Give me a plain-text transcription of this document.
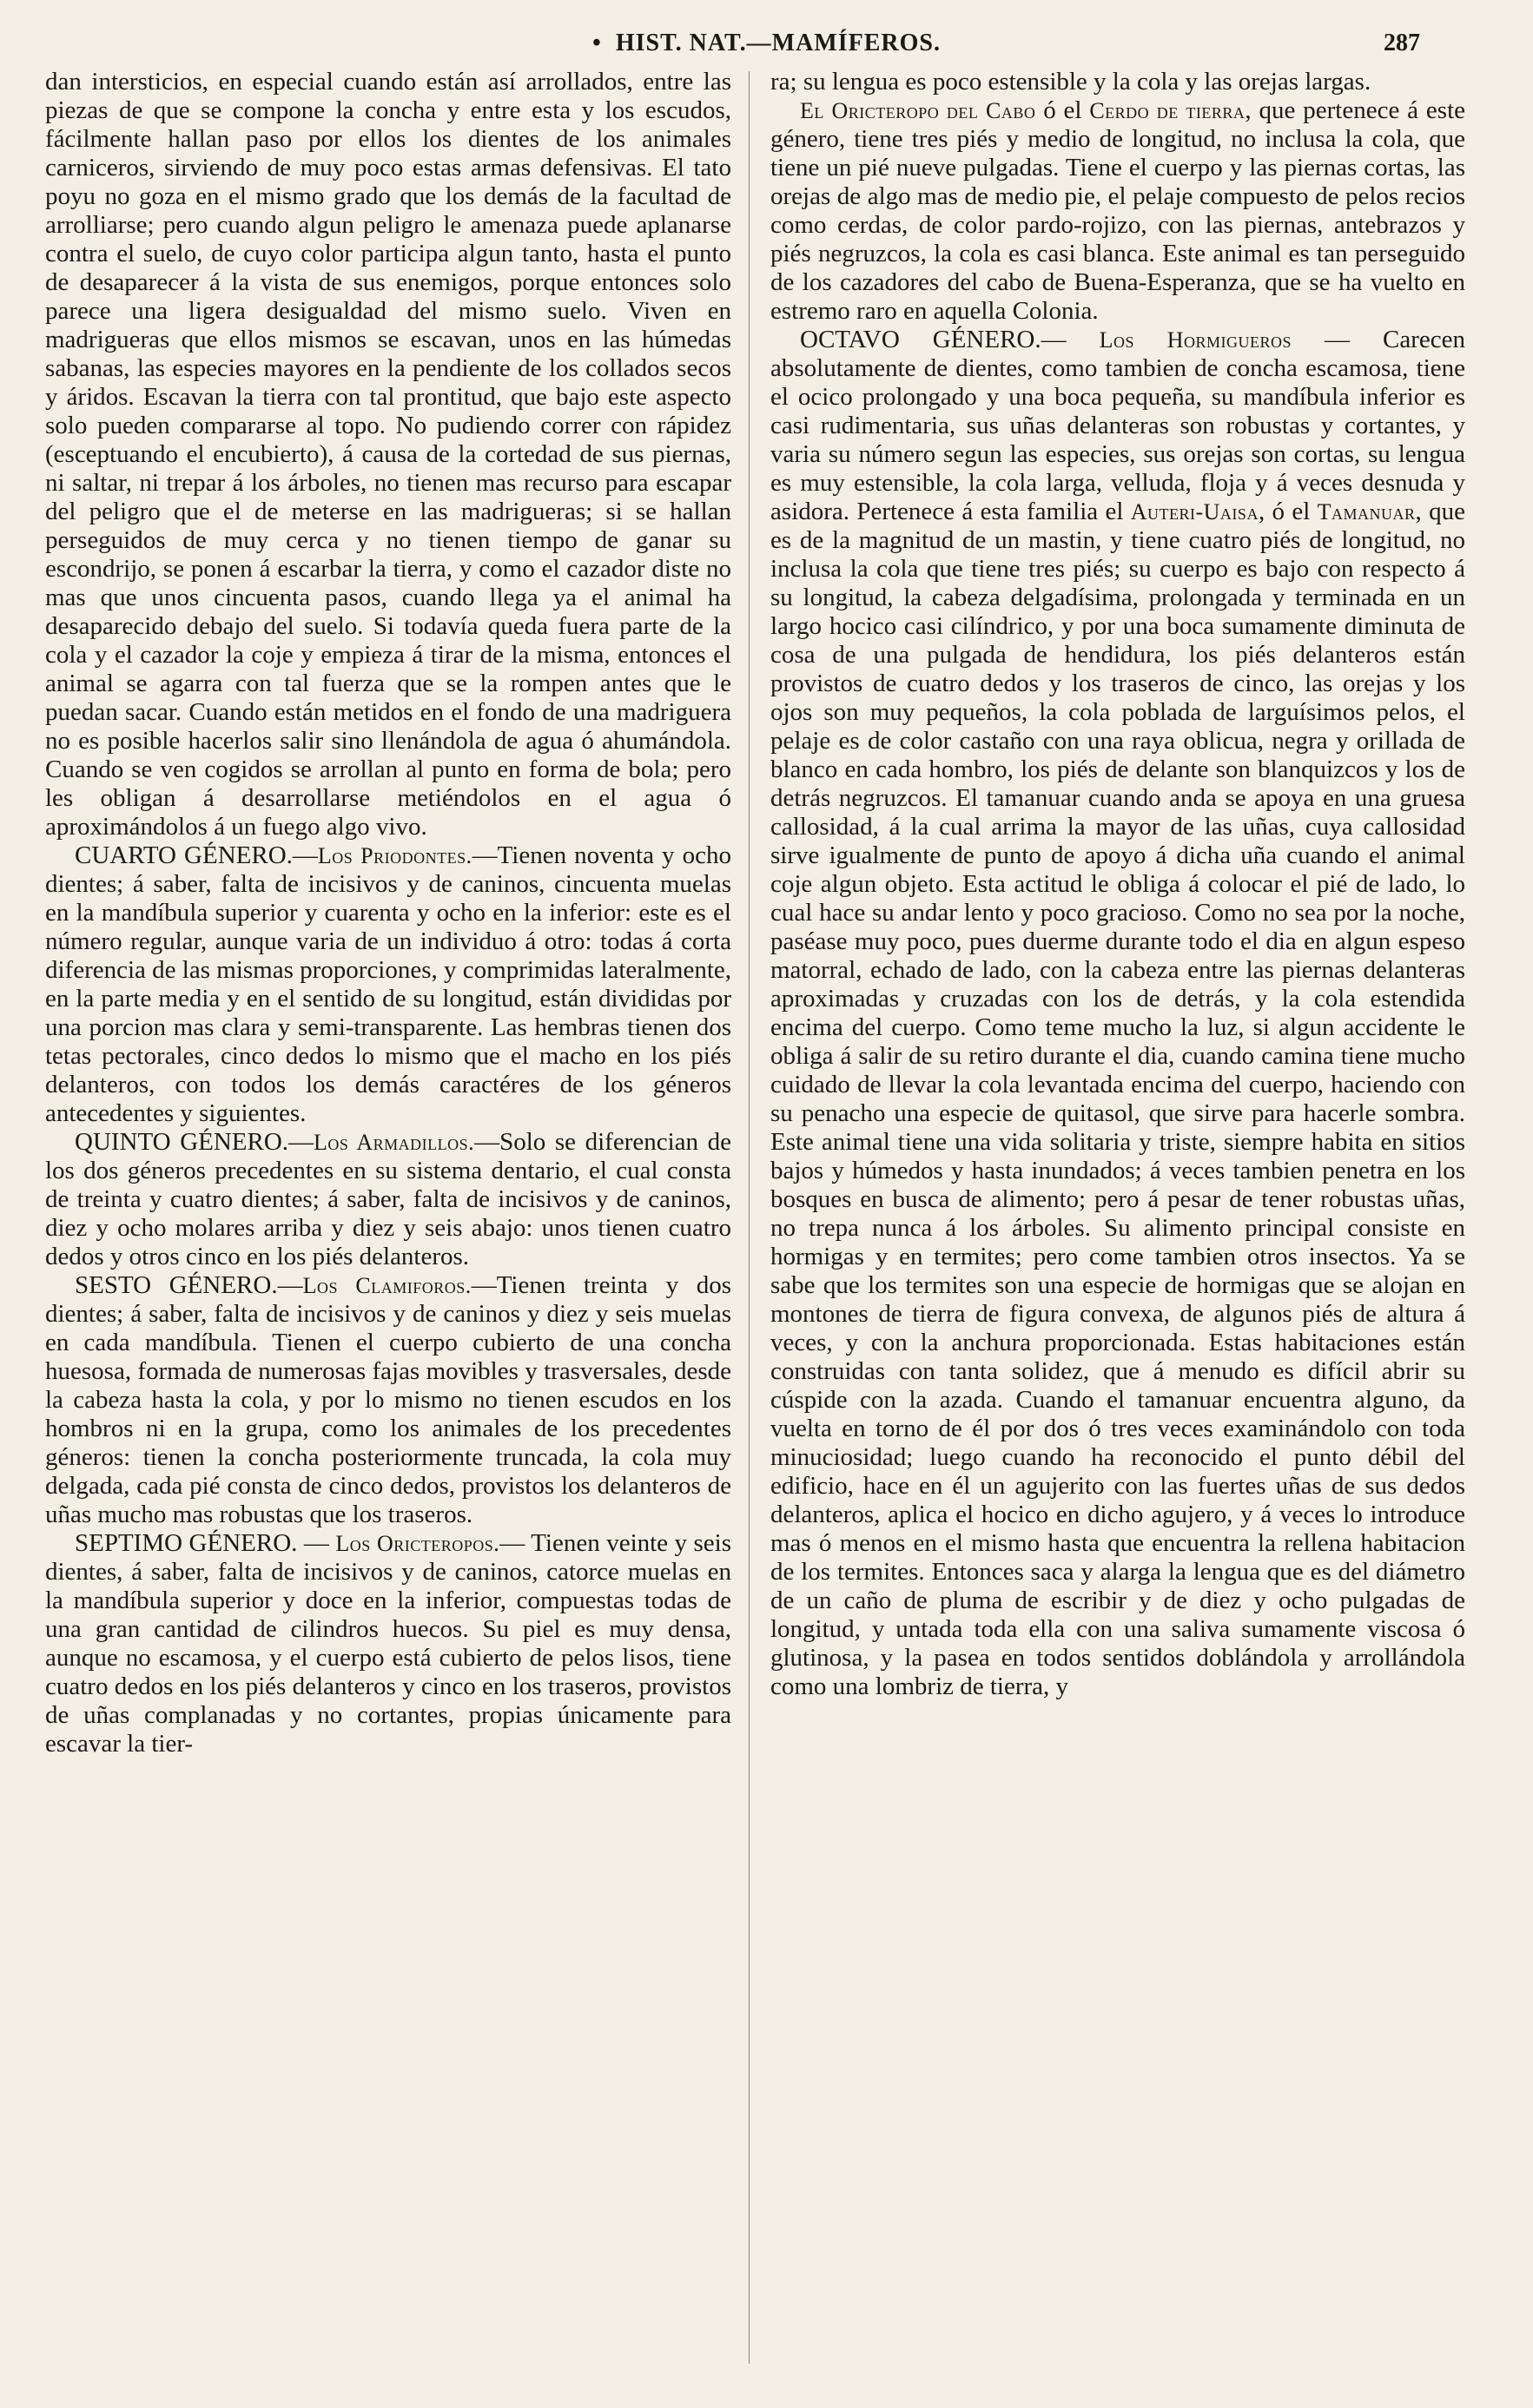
• HIST. NAT.—MAMÍFEROS.	287

dan intersticios, en especial cuando están así arrollados, entre las piezas de que se compone la concha y entre esta y los escudos, fácilmente hallan paso por ellos los dientes de los animales carniceros, sirviendo de muy poco estas armas defensivas. El tato poyu no goza en el mismo grado que los demás de la facultad de arrolliarse; pero cuando algun peligro le amenaza puede aplanarse contra el suelo, de cuyo color participa algun tanto, hasta el punto de desaparecer á la vista de sus enemigos, porque entonces solo parece una ligera desigualdad del mismo suelo. Viven en madrigueras que ellos mismos se escavan, unos en las húmedas sabanas, las especies mayores en la pendiente de los collados secos y áridos. Escavan la tierra con tal prontitud, que bajo este aspecto solo pueden compararse al topo. No pudiendo correr con rápidez (esceptuando el encubierto), á causa de la cortedad de sus piernas, ni saltar, ni trepar á los árboles, no tienen mas recurso para escapar del peligro que el de meterse en las madrigueras; si se hallan perseguidos de muy cerca y no tienen tiempo de ganar su escondrijo, se ponen á escarbar la tierra, y como el cazador diste no mas que unos cincuenta pasos, cuando llega ya el animal ha desaparecido debajo del suelo. Si todavía queda fuera parte de la cola y el cazador la coje y empieza á tirar de la misma, entonces el animal se agarra con tal fuerza que se la rompen antes que le puedan sacar. Cuando están metidos en el fondo de una madriguera no es posible hacerlos salir sino llenándola de agua ó ahumándola. Cuando se ven cogidos se arrollan al punto en forma de bola; pero les obligan á desarrollarse metiéndolos en el agua ó aproximándolos á un fuego algo vivo.

CUARTO GÉNERO.—Los Priodontes.—Tienen noventa y ocho dientes; á saber, falta de incisivos y de caninos, cincuenta muelas en la mandíbula superior y cuarenta y ocho en la inferior: este es el número regular, aunque varia de un individuo á otro: todas á corta diferencia de las mismas proporciones, y comprimidas lateralmente, en la parte media y en el sentido de su longitud, están divididas por una porcion mas clara y semi-transparente. Las hembras tienen dos tetas pectorales, cinco dedos lo mismo que el macho en los piés delanteros, con todos los demás caractéres de los géneros antecedentes y siguientes.

QUINTO GÉNERO.—Los Armadillos.—Solo se diferencian de los dos géneros precedentes en su sistema dentario, el cual consta de treinta y cuatro dientes; á saber, falta de incisivos y de caninos, diez y ocho molares arriba y diez y seis abajo: unos tienen cuatro dedos y otros cinco en los piés delanteros.

SESTO GÉNERO.—Los Clamiforos.—Tienen treinta y dos dientes; á saber, falta de incisivos y de caninos y diez y seis muelas en cada mandíbula. Tienen el cuerpo cubierto de una concha huesosa, formada de numerosas fajas movibles y trasversales, desde la cabeza hasta la cola, y por lo mismo no tienen escudos en los hombros ni en la grupa, como los animales de los precedentes géneros: tienen la concha posteriormente truncada, la cola muy delgada, cada pié consta de cinco dedos, provistos los delanteros de uñas mucho mas robustas que los traseros.

SEPTIMO GÉNERO. — Los Oricteropos.— Tienen veinte y seis dientes, á saber, falta de incisivos y de caninos, catorce muelas en la mandíbula superior y doce en la inferior, compuestas todas de una gran cantidad de cilindros huecos. Su piel es muy densa, aunque no escamosa, y el cuerpo está cubierto de pelos lisos, tiene cuatro dedos en los piés delanteros y cinco en los traseros, provistos de uñas complanadas y no cortantes, propias únicamente para escavar la tier-

ra; su lengua es poco estensible y la cola y las orejas largas.

El Oricteropo del Cabo ó el Cerdo de tierra, que pertenece á este género, tiene tres piés y medio de longitud, no inclusa la cola, que tiene un pié nueve pulgadas. Tiene el cuerpo y las piernas cortas, las orejas de algo mas de medio pie, el pelaje compuesto de pelos recios como cerdas, de color pardo-rojizo, con las piernas, antebrazos y piés negruzcos, la cola es casi blanca. Este animal es tan perseguido de los cazadores del cabo de Buena-Esperanza, que se ha vuelto en estremo raro en aquella Colonia.

OCTAVO GÉNERO.— Los Hormigueros — Carecen absolutamente de dientes, como tambien de concha escamosa, tiene el ocico prolongado y una boca pequeña, su mandíbula inferior es casi rudimentaria, sus uñas delanteras son robustas y cortantes, y varia su número segun las especies, sus orejas son cortas, su lengua es muy estensible, la cola larga, velluda, floja y á veces desnuda y asidora. Pertenece á esta familia el Auteri-Uaisa, ó el Tamanuar, que es de la magnitud de un mastin, y tiene cuatro piés de longitud, no inclusa la cola que tiene tres piés; su cuerpo es bajo con respecto á su longitud, la cabeza delgadísima, prolongada y terminada en un largo hocico casi cilíndrico, y por una boca sumamente diminuta de cosa de una pulgada de hendidura, los piés delanteros están provistos de cuatro dedos y los traseros de cinco, las orejas y los ojos son muy pequeños, la cola poblada de larguísimos pelos, el pelaje es de color castaño con una raya oblicua, negra y orillada de blanco en cada hombro, los piés de delante son blanquizcos y los de detrás negruzcos. El tamanuar cuando anda se apoya en una gruesa callosidad, á la cual arrima la mayor de las uñas, cuya callosidad sirve igualmente de punto de apoyo á dicha uña cuando el animal coje algun objeto. Esta actitud le obliga á colocar el pié de lado, lo cual hace su andar lento y poco gracioso. Como no sea por la noche, paséase muy poco, pues duerme durante todo el dia en algun espeso matorral, echado de lado, con la cabeza entre las piernas delanteras aproximadas y cruzadas con los de detrás, y la cola estendida encima del cuerpo. Como teme mucho la luz, si algun accidente le obliga á salir de su retiro durante el dia, cuando camina tiene mucho cuidado de llevar la cola levantada encima del cuerpo, haciendo con su penacho una especie de quitasol, que sirve para hacerle sombra. Este animal tiene una vida solitaria y triste, siempre habita en sitios bajos y húmedos y hasta inundados; á veces tambien penetra en los bosques en busca de alimento; pero á pesar de tener robustas uñas, no trepa nunca á los árboles. Su alimento principal consiste en hormigas y en termites; pero come tambien otros insectos. Ya se sabe que los termites son una especie de hormigas que se alojan en montones de tierra de figura convexa, de algunos piés de altura á veces, y con la anchura proporcionada. Estas habitaciones están construidas con tanta solidez, que á menudo es difícil abrir su cúspide con la azada. Cuando el tamanuar encuentra alguno, da vuelta en torno de él por dos ó tres veces examinándolo con toda minuciosidad; luego cuando ha reconocido el punto débil del edificio, hace en él un agujerito con las fuertes uñas de sus dedos delanteros, aplica el hocico en dicho agujero, y á veces lo introduce mas ó menos en el mismo hasta que encuentra la rellena habitacion de los termites. Entonces saca y alarga la lengua que es del diámetro de un caño de pluma de escribir y de diez y ocho pulgadas de longitud, y untada toda ella con una saliva sumamente viscosa ó glutinosa, y la pasea en todos sentidos doblándola y arrollándola como una lombriz de tierra, y
